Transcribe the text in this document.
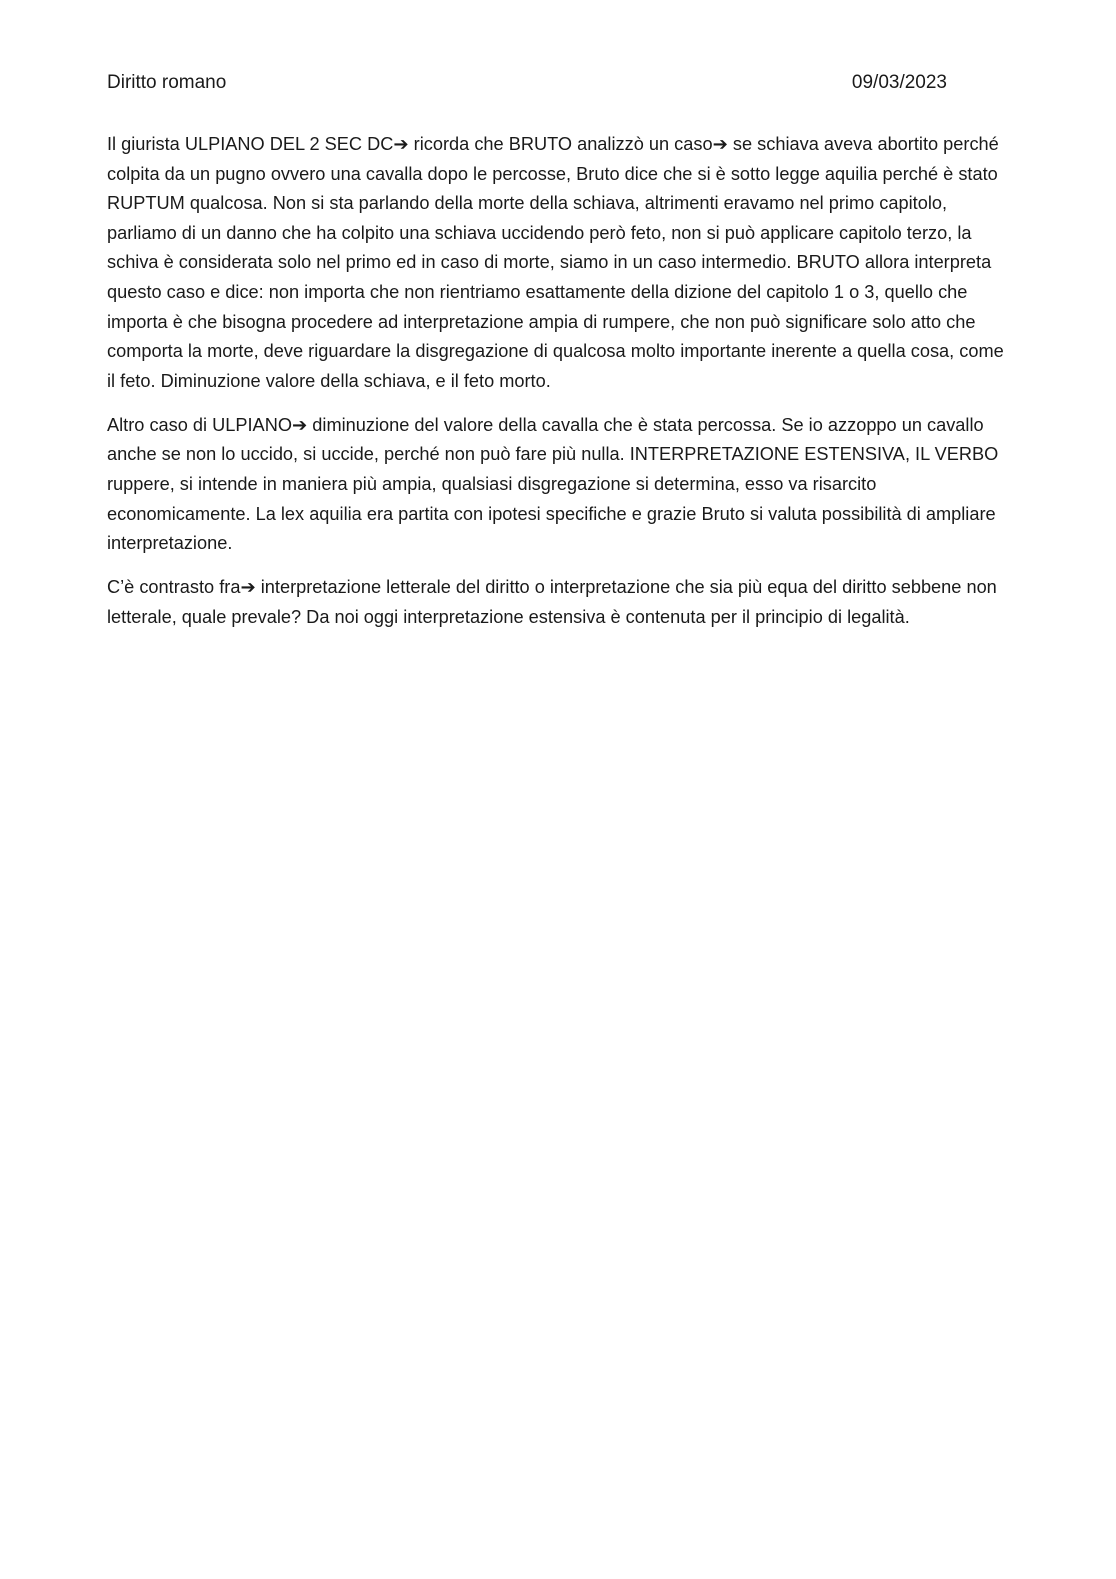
Diritto romano	09/03/2023

Il giurista ULPIANO DEL 2 SEC DC➔ ricorda che BRUTO analizzò un caso➔ se schiava aveva abortito perché colpita da un pugno ovvero una cavalla dopo le percosse, Bruto dice che si è sotto legge aquilia perché è stato RUPTUM qualcosa. Non si sta parlando della morte della schiava, altrimenti eravamo nel primo capitolo, parliamo di un danno che ha colpito una schiava uccidendo però feto, non si può applicare capitolo terzo, la schiva è considerata solo nel primo ed in caso di morte, siamo in un caso intermedio. BRUTO allora interpreta questo caso e dice: non importa che non rientriamo esattamente della dizione del capitolo 1 o 3, quello che importa è che bisogna procedere ad interpretazione ampia di rumpere, che non può significare solo atto che comporta la morte, deve riguardare la disgregazione di qualcosa molto importante inerente a quella cosa, come il feto. Diminuzione valore della schiava, e il feto morto.

Altro caso di ULPIANO➔ diminuzione del valore della cavalla che è stata percossa. Se io azzoppo un cavallo anche se non lo uccido, si uccide, perché non può fare più nulla. INTERPRETAZIONE ESTENSIVA, IL VERBO ruppere, si intende in maniera più ampia, qualsiasi disgregazione si determina, esso va risarcito economicamente. La lex aquilia era partita con ipotesi specifiche e grazie Bruto si valuta possibilità di ampliare interpretazione.

C’è contrasto fra➔ interpretazione letterale del diritto o interpretazione che sia più equa del diritto sebbene non letterale, quale prevale? Da noi oggi interpretazione estensiva è contenuta per il principio di legalità.
